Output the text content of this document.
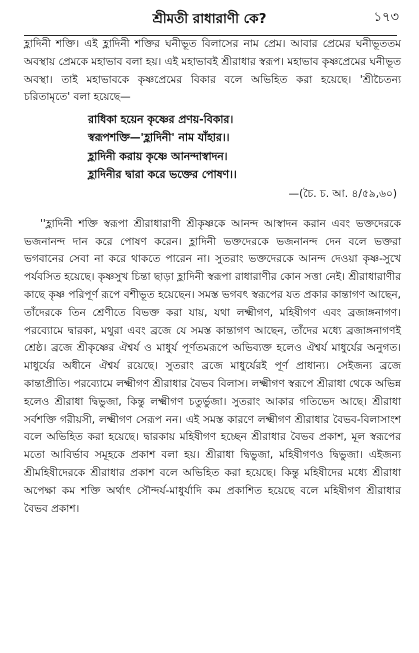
শ্রীমতী রাধারাণী কে?	১৭৩

হ্লাদিনী শক্তি। এই হ্লাদিনী শক্তির ঘনীভূত বিলাসের নাম প্রেম। আবার প্রেমের ঘনীভূততম অবস্থায় প্রেমকে মহাভাব বলা হয়। এই মহাভাবই শ্রীরাধার স্বরূপ। মহাভাব কৃষ্ণপ্রেমের ঘনীভূত অবস্থা। তাই মহাভাবকে কৃষ্ণপ্রেমের বিকার বলে অভিহিত করা হয়েছে। 'শ্রীচৈতন্য চরিতামৃতে' বলা হয়েছে—

রাধিকা হয়েন কৃষ্ণের প্রণয়-বিকার।
স্বরূপশক্তি—'হ্লাদিনী' নাম যাঁহার।।
হ্লাদিনী করায় কৃষ্ণে আনন্দাস্বাদন।
হ্লাদিনীর দ্বারা করে ভক্তের পোষণ।।
—(চৈ. চ. আ. ৪/৫৯,৬০)

''হ্লাদিনী শক্তি স্বরূপা শ্রীরাধারাণী শ্রীকৃষ্ণকে আনন্দ আস্বাদন করান এবং ভক্তদেরকে ভজনানন্দ দান করে পোষণ করেন। হ্লাদিনী ভক্তদেরকে ভজনানন্দ দেন বলে ভক্তরা ভগবানের সেবা না করে থাকতে পারেন না। সুতরাং ভক্তদেরকে আনন্দ দেওয়া কৃষ্ণ-সুখে পর্যবসিত হয়েছে। কৃষ্ণসুখ চিন্তা ছাড়া হ্লাদিনী স্বরূপা রাধারাণীর কোন সত্তা নেই। শ্রীরাধারাণীর কাছে কৃষ্ণ পরিপূর্ণ রূপে বশীভূত হয়েছেন। সমস্ত ভগবৎ স্বরূপের যত প্রকার কান্তাগণ আছেন, তাঁদেরকে তিন শ্রেণীতে বিভক্ত করা যায়, যথা লক্ষ্মীগণ, মহিষীগণ এবং ব্রজাঙ্গনাগণ। পরব্যোমে দ্বারকা, মথুরা এবং ব্রজে যে সমস্ত কান্তাগণ আছেন, তাঁদের মধ্যে ব্রজাঙ্গনাগণই শ্রেষ্ঠ। ব্রজে শ্রীকৃষ্ণের ঐশ্বর্য ও মাধুর্য পূর্ণতমরূপে অভিব্যক্ত হলেও ঐশ্বর্য মাধুর্যের অনুগত। মাধুর্যের অধীনে ঐশ্বর্য রয়েছে। সুতরাং ব্রজে মাধুর্যেরই পূর্ণ প্রাধান্য। সেইজন্য ব্রজে কান্তাপ্রীতি। পরব্যোমে লক্ষ্মীগণ শ্রীরাধার বৈভব বিলাস। লক্ষ্মীগণ স্বরূপে শ্রীরাধা থেকে অভিন্ন হলেও শ্রীরাধা দ্বিভুজা, কিন্তু লক্ষ্মীগণ চতুর্ভুজা। সুতরাং আকার গতিভেদ আছে। শ্রীরাধা সর্বশক্তি গরীয়সী, লক্ষ্মীগণ সেরূপ নন। এই সমস্ত কারণে লক্ষ্মীগণ শ্রীরাধার বৈভব-বিলাসাংশ বলে অভিহিত করা হয়েছে। দ্বারকায় মহিষীগণ হচ্ছেন শ্রীরাধার বৈভব প্রকাশ, মূল স্বরূপের মতো আবির্ভাব সমূহকে প্রকাশ বলা হয়। শ্রীরাধা দ্বিভুজা, মহিষীগণও দ্বিভুজা। এইজন্য শ্রীমহিষীদেরকে শ্রীরাধার প্রকাশ বলে অভিহিত করা হয়েছে। কিন্তু মহিষীদের মধ্যে শ্রীরাধা অপেক্ষা কম শক্তি অর্থাৎ সৌন্দর্য-মাধুর্যাদি কম প্রকাশিত হয়েছে বলে মহিষীগণ শ্রীরাধার বৈভব প্রকাশ।
